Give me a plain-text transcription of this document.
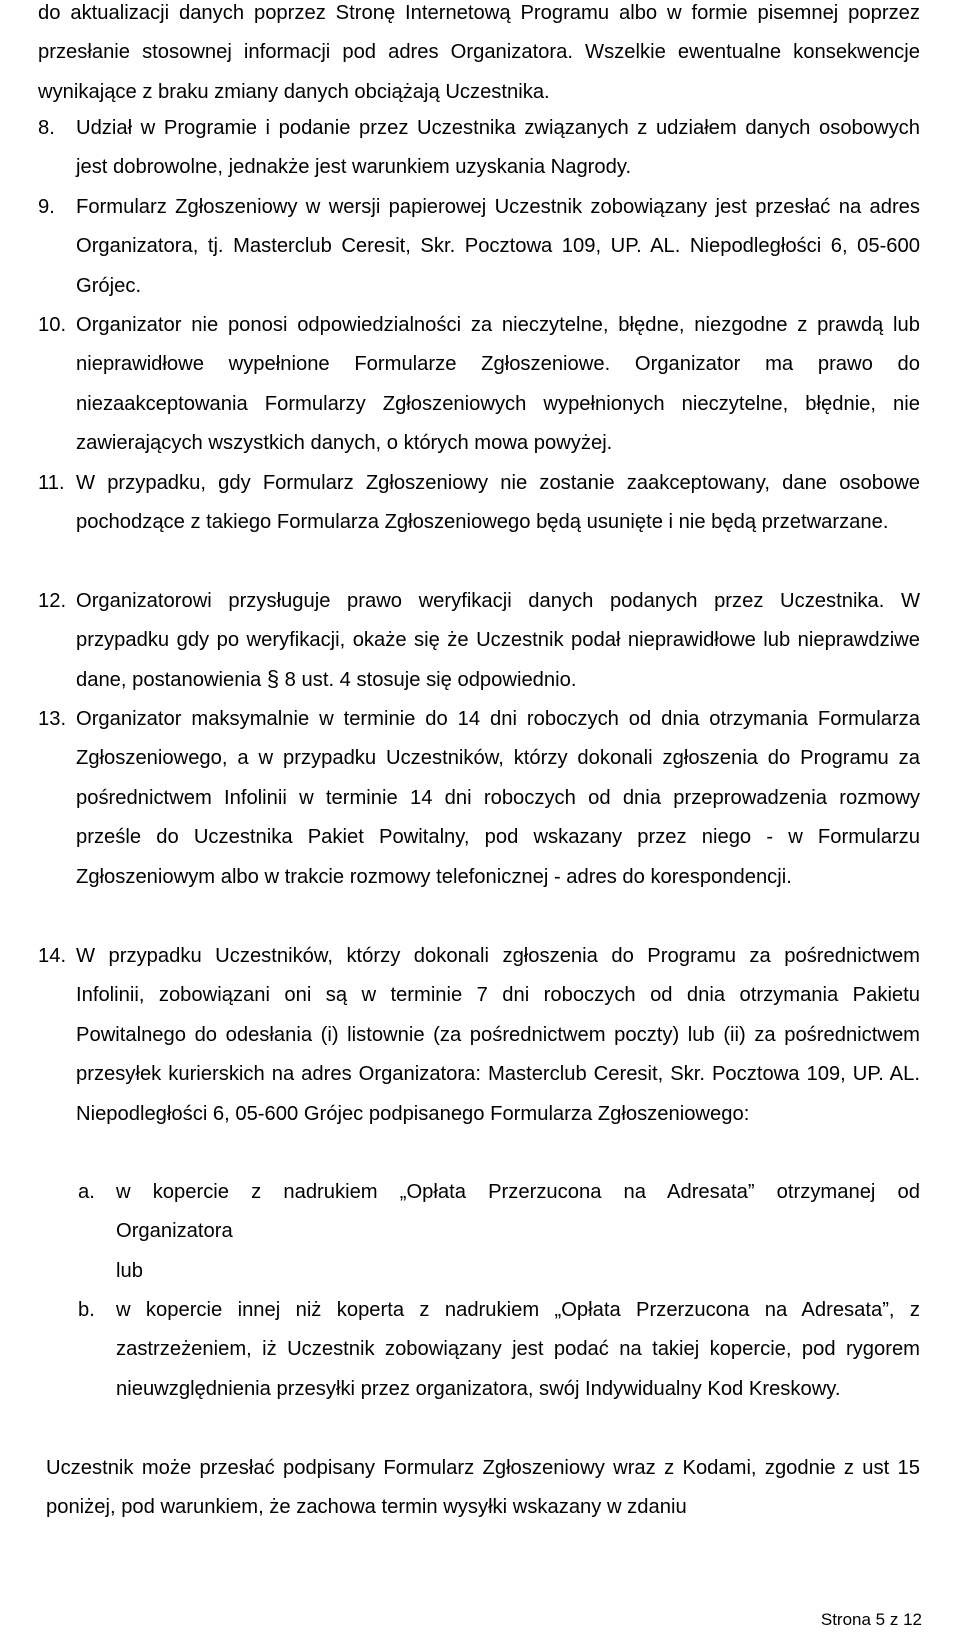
do aktualizacji danych poprzez Stronę Internetową Programu albo w formie pisemnej poprzez przesłanie stosownej informacji pod adres Organizatora. Wszelkie ewentualne konsekwencje wynikające z braku zmiany danych obciążają Uczestnika.
8. Udział w Programie i podanie przez Uczestnika związanych z udziałem danych osobowych jest dobrowolne, jednakże jest warunkiem uzyskania Nagrody.
9. Formularz Zgłoszeniowy w wersji papierowej Uczestnik zobowiązany jest przesłać na adres Organizatora, tj. Masterclub Ceresit, Skr. Pocztowa 109, UP. AL. Niepodległości 6, 05-600 Grójec.
10. Organizator nie ponosi odpowiedzialności za nieczytelne, błędne, niezgodne z prawdą lub nieprawidłowe wypełnione Formularze Zgłoszeniowe. Organizator ma prawo do niezaakceptowania Formularzy Zgłoszeniowych wypełnionych nieczytelne, błędnie, nie zawierających wszystkich danych, o których mowa powyżej.
11. W przypadku, gdy Formularz Zgłoszeniowy nie zostanie zaakceptowany, dane osobowe pochodzące z takiego Formularza Zgłoszeniowego będą usunięte i nie będą przetwarzane.
12. Organizatorowi przysługuje prawo weryfikacji danych podanych przez Uczestnika. W przypadku gdy po weryfikacji, okaże się że Uczestnik podał nieprawidłowe lub nieprawdziwe dane, postanowienia § 8 ust. 4 stosuje się odpowiednio.
13. Organizator maksymalnie w terminie do 14 dni roboczych od dnia otrzymania Formularza Zgłoszeniowego, a w przypadku Uczestników, którzy dokonali zgłoszenia do Programu za pośrednictwem Infolinii w terminie 14 dni roboczych od dnia przeprowadzenia rozmowy prześle do Uczestnika Pakiet Powitalny, pod wskazany przez niego - w Formularzu Zgłoszeniowym albo w trakcie rozmowy telefonicznej - adres do korespondencji.
14. W przypadku Uczestników, którzy dokonali zgłoszenia do Programu za pośrednictwem Infolinii, zobowiązani oni są w terminie 7 dni roboczych od dnia otrzymania Pakietu Powitalnego do odesłania (i) listownie (za pośrednictwem poczty) lub (ii) za pośrednictwem przesyłek kurierskich na adres Organizatora: Masterclub Ceresit, Skr. Pocztowa 109, UP. AL. Niepodległości 6, 05-600 Grójec podpisanego Formularza Zgłoszeniowego:
a. w kopercie z nadrukiem „Opłata Przerzucona na Adresata” otrzymanej od
Organizatora
lub
b. w kopercie innej niż koperta z nadrukiem „Opłata Przerzucona na Adresata”, z zastrzeżeniem, iż Uczestnik zobowiązany jest podać na takiej kopercie, pod rygorem nieuwzględnienia przesyłki przez organizatora, swój Indywidualny Kod Kreskowy.
Uczestnik może przesłać podpisany Formularz Zgłoszeniowy wraz z Kodami, zgodnie z ust 15 poniżej, pod warunkiem, że zachowa termin wysyłki wskazany w zdaniu
Strona 5 z 12
